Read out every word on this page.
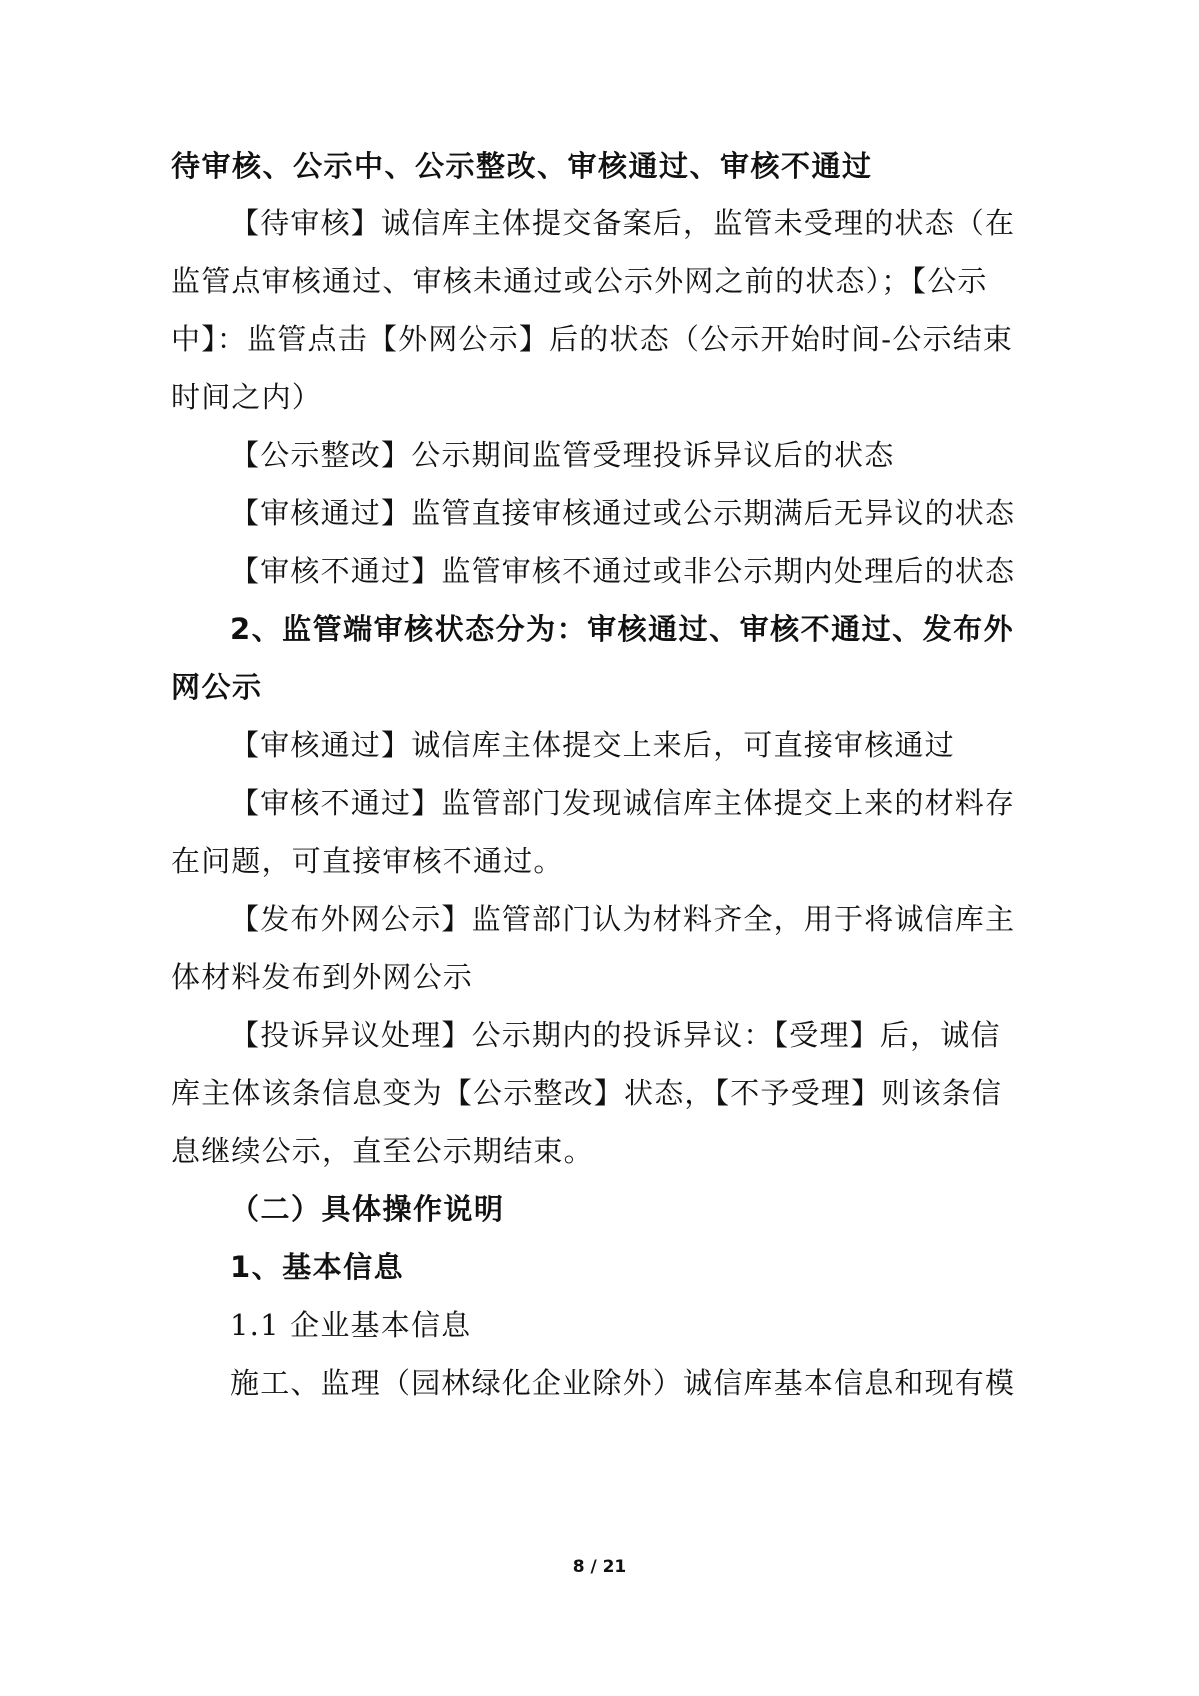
待审核、公示中、公示整改、审核通过、审核不通过
【待审核】诚信库主体提交备案后，监管未受理的状态（在
监管点审核通过、审核未通过或公示外网之前的状态）；【公示
中】：监管点击【外网公示】后的状态（公示开始时间-公示结束
时间之内）
【公示整改】公示期间监管受理投诉异议后的状态
【审核通过】监管直接审核通过或公示期满后无异议的状态
【审核不通过】监管审核不通过或非公示期内处理后的状态
2、监管端审核状态分为：审核通过、审核不通过、发布外
网公示
【审核通过】诚信库主体提交上来后，可直接审核通过
【审核不通过】监管部门发现诚信库主体提交上来的材料存
在问题，可直接审核不通过。
【发布外网公示】监管部门认为材料齐全，用于将诚信库主
体材料发布到外网公示
【投诉异议处理】公示期内的投诉异议：【受理】后，诚信
库主体该条信息变为【公示整改】状态，【不予受理】则该条信
息继续公示，直至公示期结束。
（二）具体操作说明
1、基本信息
1.1 企业基本信息
施工、监理（园林绿化企业除外）诚信库基本信息和现有模
8 / 21
